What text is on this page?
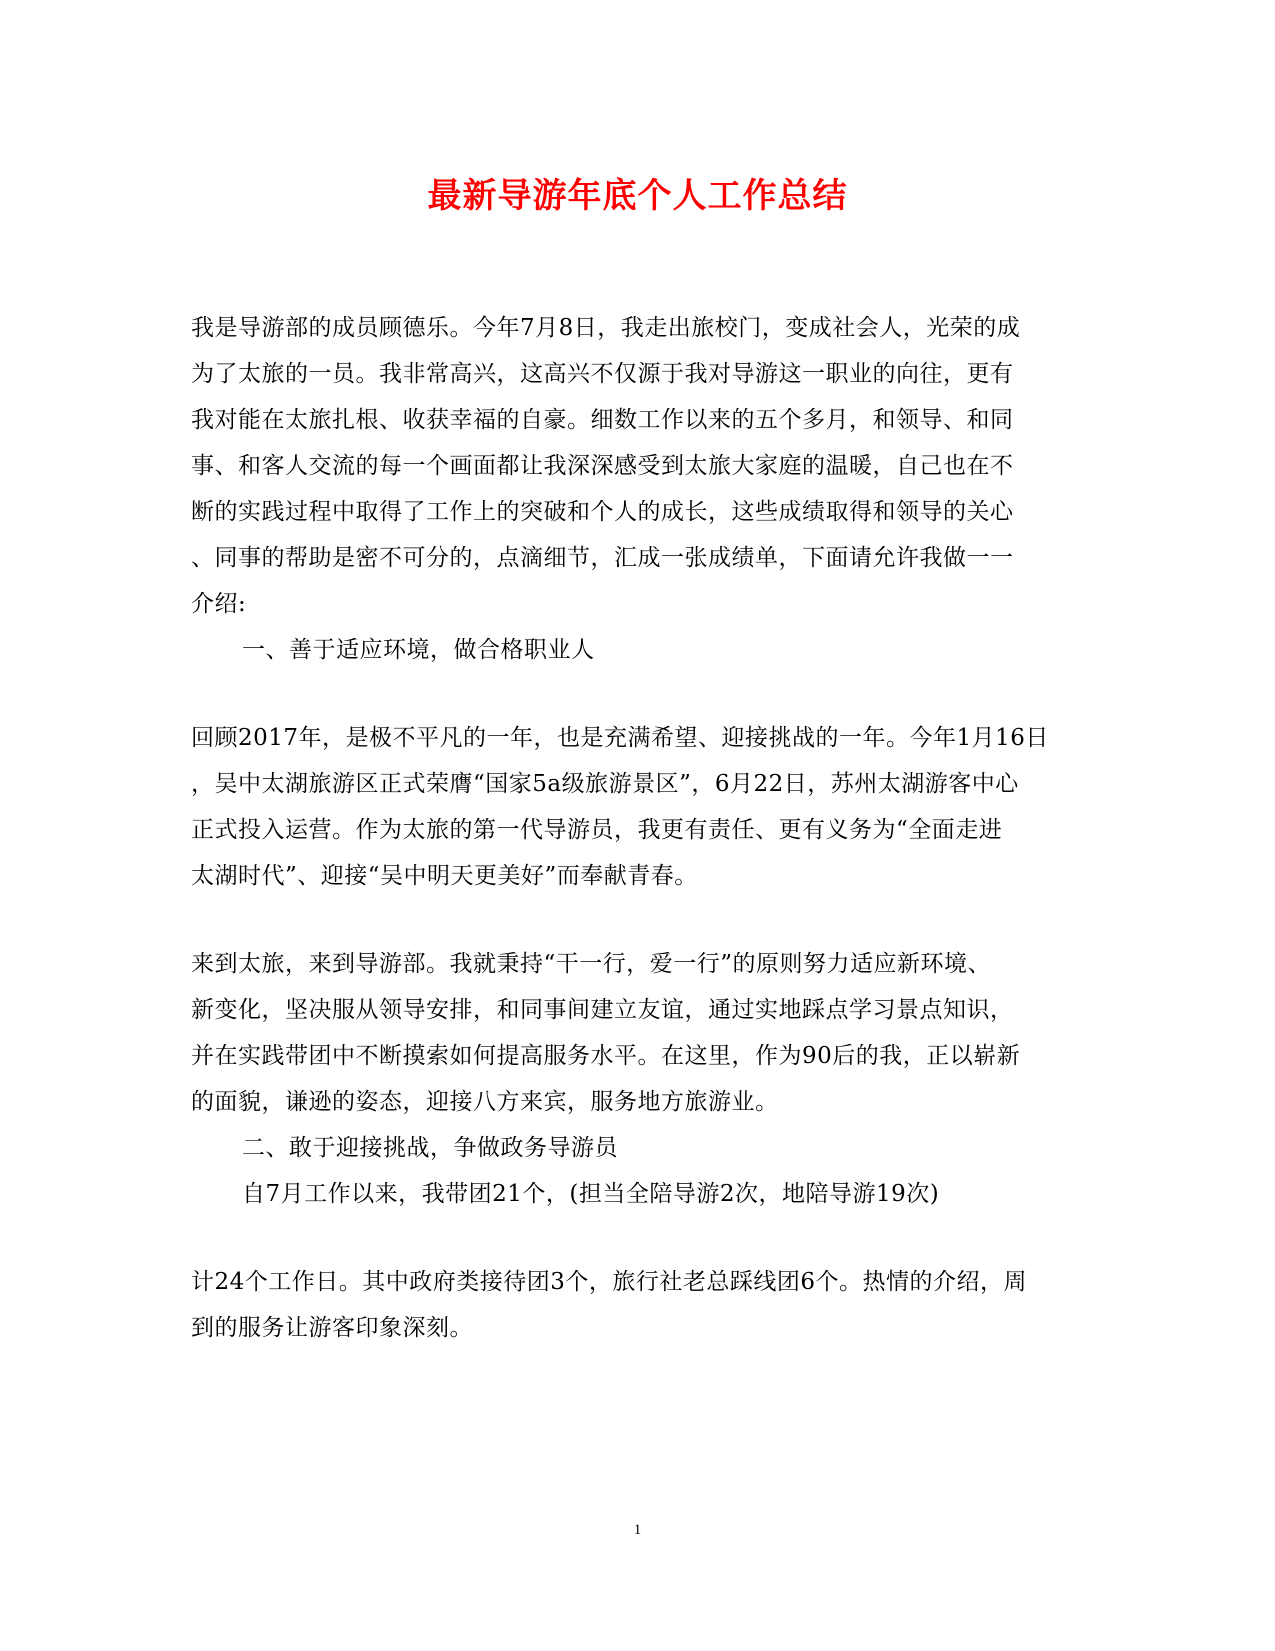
最新导游年底个人工作总结
我是导游部的成员顾德乐。今年7月8日，我走出旅校门，变成社会人，光荣的成
为了太旅的一员。我非常高兴，这高兴不仅源于我对导游这一职业的向往，更有
我对能在太旅扎根、收获幸福的自豪。细数工作以来的五个多月，和领导、和同
事、和客人交流的每一个画面都让我深深感受到太旅大家庭的温暖，自己也在不
断的实践过程中取得了工作上的突破和个人的成长，这些成绩取得和领导的关心
、同事的帮助是密不可分的，点滴细节，汇成一张成绩单，下面请允许我做一一
介绍:
一、善于适应环境，做合格职业人
回顾2017年，是极不平凡的一年，也是充满希望、迎接挑战的一年。今年1月16日
，吴中太湖旅游区正式荣膺“国家5a级旅游景区”，6月22日，苏州太湖游客中心
正式投入运营。作为太旅的第一代导游员，我更有责任、更有义务为“全面走进
太湖时代”、迎接“吴中明天更美好”而奉献青春。
来到太旅，来到导游部。我就秉持“干一行，爱一行”的原则努力适应新环境、
新变化，坚决服从领导安排，和同事间建立友谊，通过实地踩点学习景点知识，
并在实践带团中不断摸索如何提高服务水平。在这里，作为90后的我，正以崭新
的面貌，谦逊的姿态，迎接八方来宾，服务地方旅游业。
二、敢于迎接挑战，争做政务导游员
自7月工作以来，我带团21个，(担当全陪导游2次，地陪导游19次)
计24个工作日。其中政府类接待团3个，旅行社老总踩线团6个。热情的介绍，周
到的服务让游客印象深刻。
1
